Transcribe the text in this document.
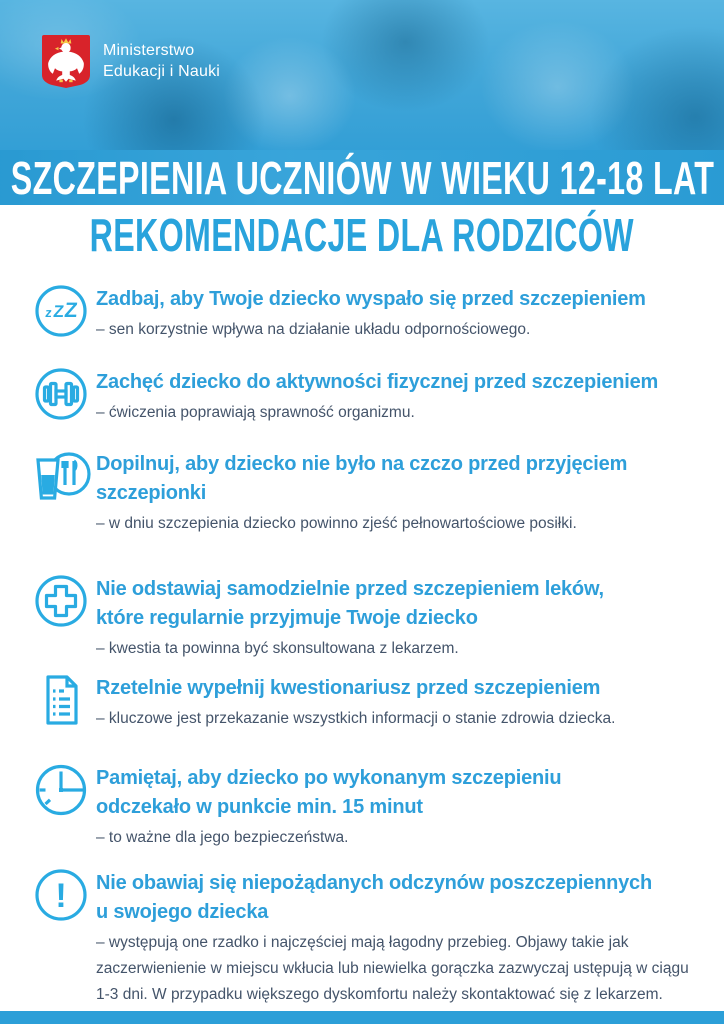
Ministerstwo
Edukacji i Nauki
SZCZEPIENIA UCZNIÓW W WIEKU 12-18 LAT
REKOMENDACJE DLA RODZICÓW
z Z
Z
Zadbaj, aby Twoje dziecko wyspało się przed szczepieniem
– sen korzystnie wpływa na działanie układu odpornościowego.
Zachęć dziecko do aktywności fizycznej przed szczepieniem
– ćwiczenia poprawiają sprawność organizmu.
Dopilnuj, aby dziecko nie było na czczo przed przyjęciem szczepionki
– w dniu szczepienia dziecko powinno zjeść pełnowartościowe posiłki.
Nie odstawiaj samodzielnie przed szczepieniem leków,
które regularnie przyjmuje Twoje dziecko
– kwestia ta powinna być skonsultowana z lekarzem.
Rzetelnie wypełnij kwestionariusz przed szczepieniem
– kluczowe jest przekazanie wszystkich informacji o stanie zdrowia dziecka.
Pamiętaj, aby dziecko po wykonanym szczepieniu
odczekało w punkcie min. 15 minut
– to ważne dla jego bezpieczeństwa.
! Nie obawiaj się niepożądanych odczynów poszczepiennych
u swojego dziecka
– występują one rzadko i najczęściej mają łagodny przebieg. Objawy takie jak zaczerwienienie w miejscu wkłucia lub niewielka gorączka zazwyczaj ustępują w ciągu 1-3 dni. W przypadku większego dyskomfortu należy skontaktować się z lekarzem.
